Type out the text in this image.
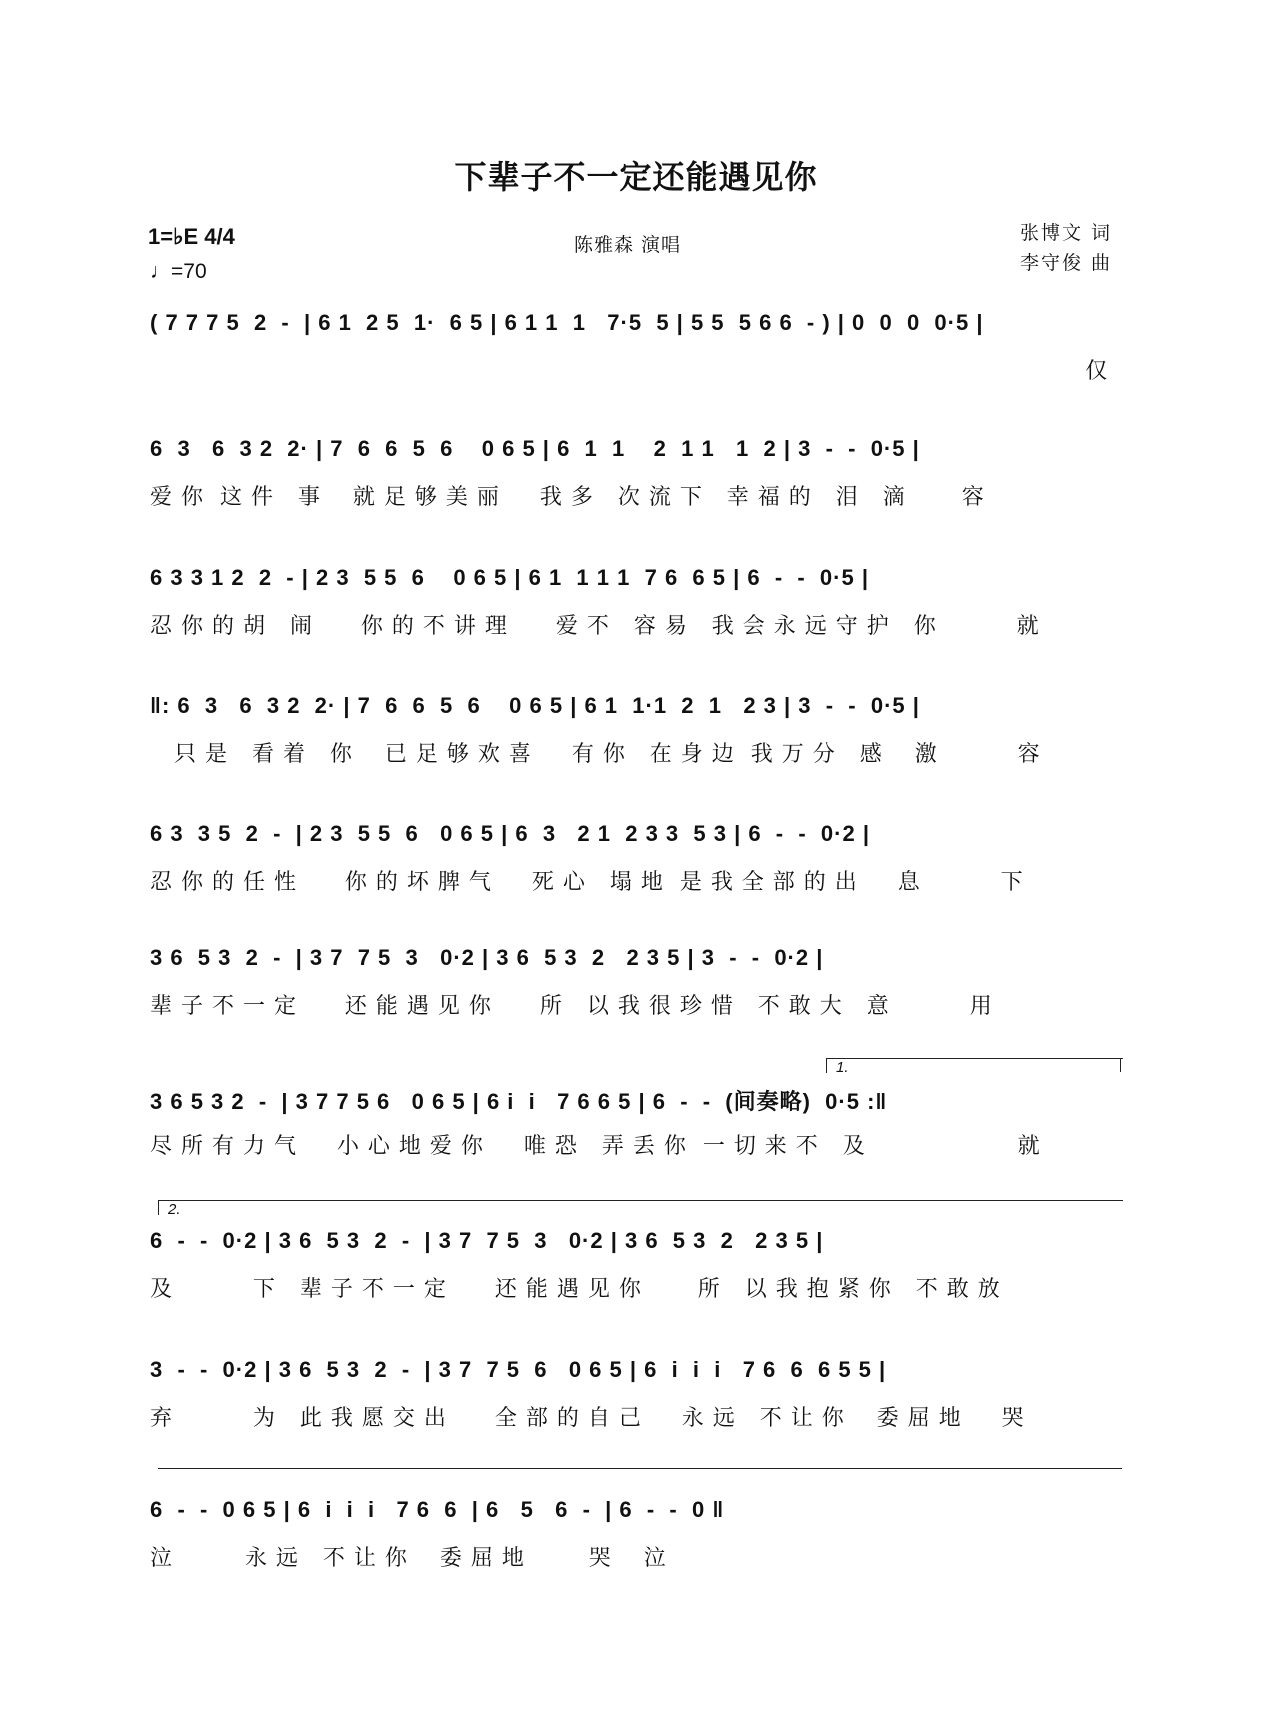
下辈子不一定还能遇见你
1=♭E 4/4
♩=70
陈雅森 演唱
张博文 词
李守俊 曲
( 7 7 7 5  2  -  | 6 1  2 5  1·  6 5 | 6 1 1  1   7·5  5 | 5 5  5 6 6  - ) | 0  0  0  0·5 |
仅
6  3   6  3 2  2· | 7  6  6  5  6    0 6 5 | 6  1  1    2  1 1   1  2 | 3  -  -  0·5 |
爱 你  这 件   事    就 足 够 美 丽     我 多   次 流 下   幸 福 的   泪   滴       容
6 3 3 1 2  2  - | 2 3  5 5  6    0 6 5 | 6 1  1 1 1  7 6  6 5 | 6  -  -  0·5 |
忍 你 的 胡   闹      你 的 不 讲 理      爱 不   容 易   我 会 永 远 守 护   你          就
‖: 6  3   6  3 2  2· | 7  6  6  5  6    0 6 5 | 6 1  1·1  2  1   2 3 | 3  -  -  0·5 |
只 是   看 着   你    已 足 够 欢 喜     有 你   在 身 边  我 万 分   感    激          容
6 3  3 5  2  -  | 2 3  5 5  6   0 6 5 | 6  3   2 1  2 3 3  5 3 | 6  -  -  0·2 |
忍 你 的 任 性      你 的 坏 脾 气     死 心   塌 地  是 我 全 部 的 出     息          下
3 6  5 3  2  -  | 3 7  7 5  3   0·2 | 3 6  5 3  2   2 3 5 | 3  -  -  0·2 |
辈 子 不 一 定      还 能 遇 见 你      所   以 我 很 珍 惜   不 敢 大   意          用
1.
3 6 5 3 2  -  | 3 7 7 5 6   0 6 5 | 6 i  i   7 6 6 5 | 6  -  -  (间奏略)  0·5 :‖
尽 所 有 力 气     小 心 地 爱 你     唯 恐   弄 丢 你  一 切 来 不   及                   就
2.
6  -  -  0·2 | 3 6  5 3  2  -  | 3 7  7 5  3   0·2 | 3 6  5 3  2   2 3 5 |
及          下   辈 子 不 一 定      还 能 遇 见 你       所   以 我 抱 紧 你   不 敢 放
3  -  -  0·2 | 3 6  5 3  2  -  | 3 7  7 5  6   0 6 5 | 6  i  i  i   7 6  6  6 5 5 |
弃          为   此 我 愿 交 出      全 部 的 自 己     永 远   不 让 你    委 屈 地     哭
6  -  -  0 6 5 | 6  i  i  i   7 6  6  | 6   5   6  -  | 6  -  -  0 ‖
泣         永 远   不 让 你    委 屈 地        哭    泣
